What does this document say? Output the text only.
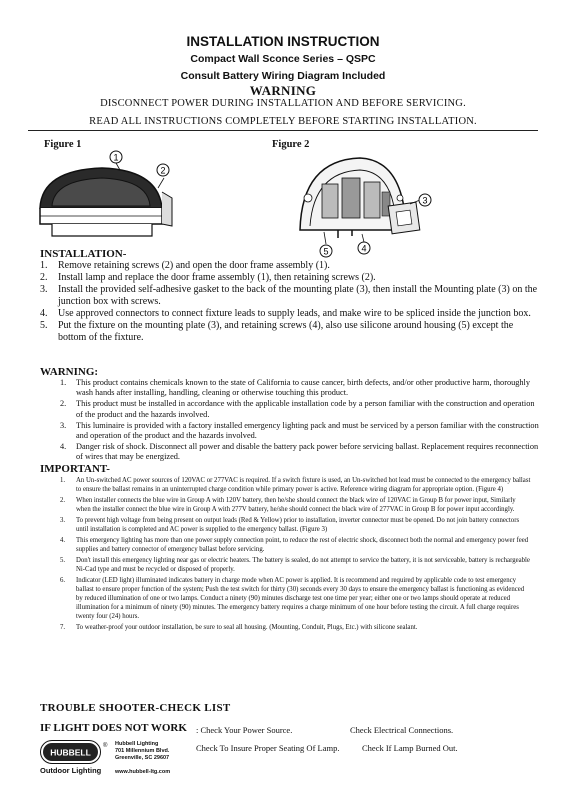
INSTALLATION INSTRUCTION
Compact Wall Sconce Series – QSPC
Consult Battery Wiring Diagram Included
WARNING
DISCONNECT POWER DURING INSTALLATION AND BEFORE SERVICING.
READ ALL INSTRUCTIONS COMPLETELY BEFORE STARTING INSTALLATION.
Figure 1	Figure 2
1
2
3
4
5
INSTALLATION-
1. Remove retaining screws (2) and open the door frame assembly (1).
2. Install lamp and replace the door frame assembly (1), then retaining screws (2).
3. Install the provided self-adhesive gasket to the back of the mounting plate (3), then install the Mounting plate (3) on the junction box with screws.
4. Use approved connectors to connect fixture leads to supply leads, and make wire to be spliced inside the junction box.
5. Put the fixture on the mounting plate (3), and retaining screws (4), also use silicone around housing (5) except the bottom of the fixture.
WARNING:
1. This product contains chemicals known to the state of California to cause cancer, birth defects, and/or other productive harm, thoroughly wash hands after installing, handling, cleaning or otherwise touching this product.
2. This product must be installed in accordance with the applicable installation code by a person familiar with the construction and operation of the product and the hazards involved.
3. This luminaire is provided with a factory installed emergency lighting pack and must be serviced by a person familiar with the construction and operation of the product and the hazards involved.
4. Danger risk of shock. Disconnect all power and disable the battery pack power before servicing ballast. Replacement requires reconnection of wires that may be energized.
IMPORTANT-
1. An Un-switched AC power sources of 120VAC or 277VAC is required. If a switch fixture is used, an Un-switched hot lead must be connected to the emergency ballast to ensure the ballast remains in an uninterrupted charge condition while primary power is active. Reference wiring diagram for appropriate option. (Figure 4)
2. When installer connects the blue wire in Group A with 120V battery, then he/she should connect the black wire of 120VAC in Group B for power input, Similarly when the installer connect the blue wire in Group A with 277V battery, he/she should connect the black wire of 277VAC in Group B for power input accordingly.
3. To prevent high voltage from being present on output leads (Red & Yellow) prior to installation, inverter connector must be opened. Do not join battery connectors until installation is completed and AC power is supplied to the emergency ballast. (Figure 3)
4. This emergency lighting has more than one power supply connection point, to reduce the rest of electric shock, disconnect both the normal and emergency power feed supplies and battery connector of emergency ballast before servicing.
5. Don't install this emergency lighting near gas or electric heaters. The battery is sealed, do not attempt to service the battery, it is not serviceable, battery is rechargeable Ni-Cad type and must be recycled or disposed of properly.
6. Indicator (LED light) illuminated indicates battery in charge mode when AC power is applied. It is recommend and required by applicable code to test emergency ballast to ensure proper function of the system; Push the test switch for thirty (30) seconds every 30 days to ensure the emergency ballast is functioning as evidenced by reduced illumination of one or two lamps. Conduct a ninety (90) minutes discharge test one time per year; either one or two lamps should operate at reduced illumination for a minimum of ninety (90) minutes. The emergency battery requires a charge minimum of one hour before testing the circuit. A full charge requires twenty four (24) hours.
7. To weather-proof your outdoor installation, be sure to seal all housing. (Mounting, Conduit, Plugs, Etc.) with silicone sealant.
TROUBLE SHOOTER-CHECK LIST
IF LIGHT DOES NOT WORK : Check Your Power Source.	Check Electrical Connections.
Check To Insure Proper Seating Of Lamp.	Check If Lamp Burned Out.
HUBBELL
®
Outdoor Lighting
Hubbell Lighting
701 Millennium Blvd.
Greenville, SC 29607
www.hubbell-ltg.com
